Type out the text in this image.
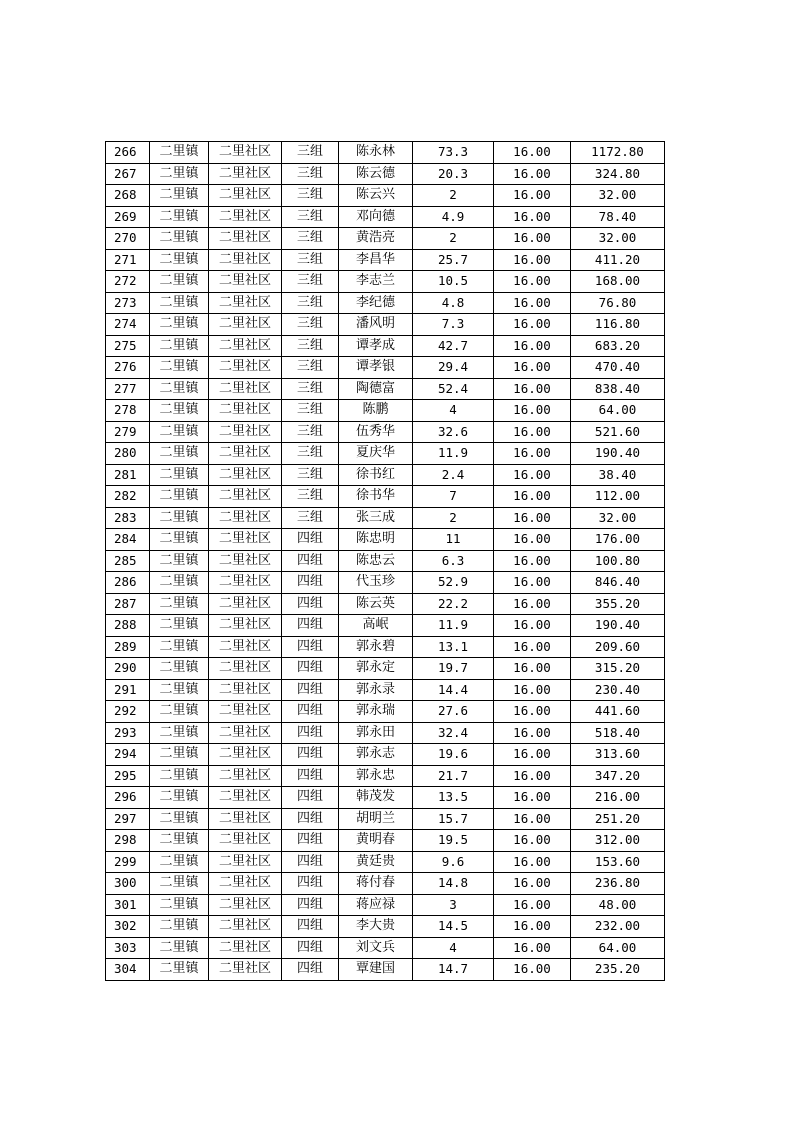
266	二里镇	二里社区	三组	陈永林	73.3	16.00	1172.80
267	二里镇	二里社区	三组	陈云德	20.3	16.00	324.80
268	二里镇	二里社区	三组	陈云兴	2	16.00	32.00
269	二里镇	二里社区	三组	邓向德	4.9	16.00	78.40
270	二里镇	二里社区	三组	黄浩亮	2	16.00	32.00
271	二里镇	二里社区	三组	李昌华	25.7	16.00	411.20
272	二里镇	二里社区	三组	李志兰	10.5	16.00	168.00
273	二里镇	二里社区	三组	李纪德	4.8	16.00	76.80
274	二里镇	二里社区	三组	潘风明	7.3	16.00	116.80
275	二里镇	二里社区	三组	谭孝成	42.7	16.00	683.20
276	二里镇	二里社区	三组	谭孝银	29.4	16.00	470.40
277	二里镇	二里社区	三组	陶德富	52.4	16.00	838.40
278	二里镇	二里社区	三组	陈鹏	4	16.00	64.00
279	二里镇	二里社区	三组	伍秀华	32.6	16.00	521.60
280	二里镇	二里社区	三组	夏庆华	11.9	16.00	190.40
281	二里镇	二里社区	三组	徐书红	2.4	16.00	38.40
282	二里镇	二里社区	三组	徐书华	7	16.00	112.00
283	二里镇	二里社区	三组	张三成	2	16.00	32.00
284	二里镇	二里社区	四组	陈忠明	11	16.00	176.00
285	二里镇	二里社区	四组	陈忠云	6.3	16.00	100.80
286	二里镇	二里社区	四组	代玉珍	52.9	16.00	846.40
287	二里镇	二里社区	四组	陈云英	22.2	16.00	355.20
288	二里镇	二里社区	四组	高岷	11.9	16.00	190.40
289	二里镇	二里社区	四组	郭永碧	13.1	16.00	209.60
290	二里镇	二里社区	四组	郭永定	19.7	16.00	315.20
291	二里镇	二里社区	四组	郭永录	14.4	16.00	230.40
292	二里镇	二里社区	四组	郭永瑞	27.6	16.00	441.60
293	二里镇	二里社区	四组	郭永田	32.4	16.00	518.40
294	二里镇	二里社区	四组	郭永志	19.6	16.00	313.60
295	二里镇	二里社区	四组	郭永忠	21.7	16.00	347.20
296	二里镇	二里社区	四组	韩茂发	13.5	16.00	216.00
297	二里镇	二里社区	四组	胡明兰	15.7	16.00	251.20
298	二里镇	二里社区	四组	黄明春	19.5	16.00	312.00
299	二里镇	二里社区	四组	黄廷贵	9.6	16.00	153.60
300	二里镇	二里社区	四组	蒋付春	14.8	16.00	236.80
301	二里镇	二里社区	四组	蒋应禄	3	16.00	48.00
302	二里镇	二里社区	四组	李大贵	14.5	16.00	232.00
303	二里镇	二里社区	四组	刘文兵	4	16.00	64.00
304	二里镇	二里社区	四组	覃建国	14.7	16.00	235.20
